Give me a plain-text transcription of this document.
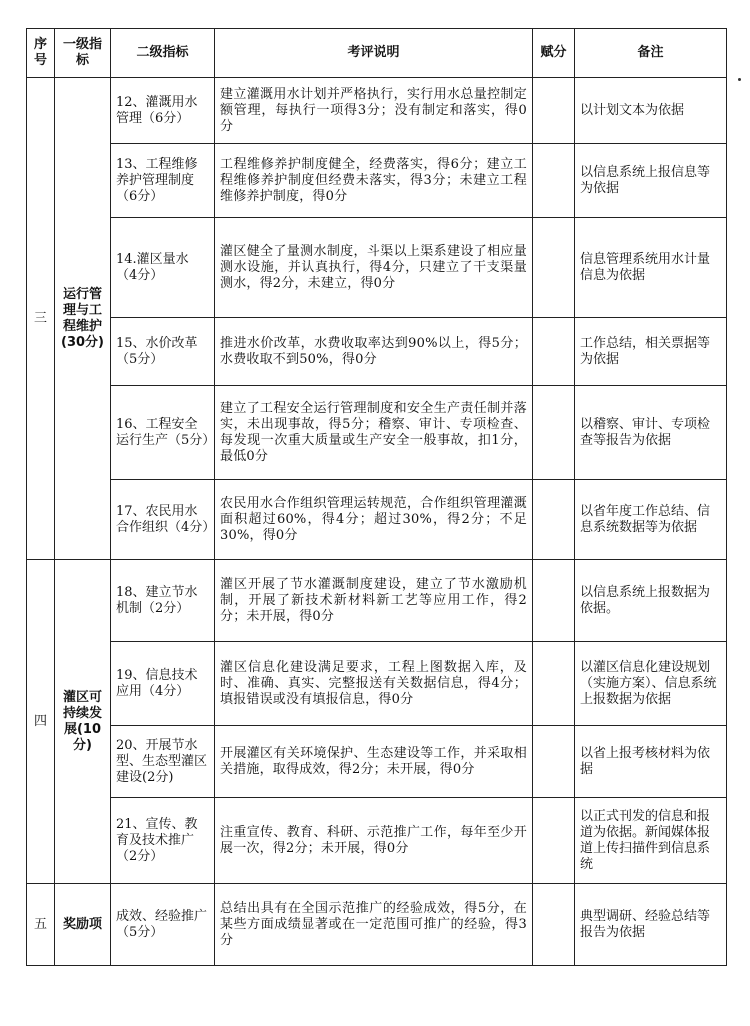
序号	一级指标	二级指标	考评说明	赋分	备注
三	运行管理与工程维护(30分)	12、灌溉用水管理（6分）	建立灌溉用水计划并严格执行，实行用水总量控制定额管理，每执行一项得3分；没有制定和落实，得0分		以计划文本为依据
		13、工程维修养护管理制度（6分）	工程维修养护制度健全，经费落实，得6分；建立工程维修养护制度但经费未落实，得3分；未建立工程维修养护制度，得0分		以信息系统上报信息等为依据
		14.灌区量水（4分）	灌区健全了量测水制度，斗渠以上渠系建设了相应量测水设施，并认真执行，得4分，只建立了干支渠量测水，得2分，未建立，得0分		信息管理系统用水计量信息为依据
		15、水价改革（5分）	推进水价改革，水费收取率达到90%以上，得5分；水费收取不到50%，得0分		工作总结，相关票据等为依据
		16、工程安全运行生产（5分）	建立了工程安全运行管理制度和安全生产责任制并落实，未出现事故，得5分；稽察、审计、专项检查、每发现一次重大质量或生产安全一般事故，扣1分，最低0分		以稽察、审计、专项检查等报告为依据
		17、农民用水合作组织（4分）	农民用水合作组织管理运转规范，合作组织管理灌溉面积超过60%，得4分；超过30%，得2分；不足30%，得0分		以省年度工作总结、信息系统数据等为依据
四	灌区可持续发展(10分)	18、建立节水机制（2分）	灌区开展了节水灌溉制度建设，建立了节水激励机制，开展了新技术新材料新工艺等应用工作，得2分；未开展，得0分		以信息系统上报数据为依据。
		19、信息技术应用（4分）	灌区信息化建设满足要求，工程上图数据入库，及时、准确、真实、完整报送有关数据信息，得4分；填报错误或没有填报信息，得0分		以灌区信息化建设规划（实施方案）、信息系统上报数据为依据
		20、开展节水型、生态型灌区建设(2分)	开展灌区有关环境保护、生态建设等工作，并采取相关措施，取得成效，得2分；未开展，得0分		以省上报考核材料为依据
		21、宣传、教育及技术推广（2分）	注重宣传、教育、科研、示范推广工作，每年至少开展一次，得2分；未开展，得0分		以正式刊发的信息和报道为依据。新闻媒体报道上传扫描件到信息系统
五	奖励项	成效、经验推广（5分）	总结出具有在全国示范推广的经验成效，得5分，在某些方面成绩显著或在一定范围可推广的经验，得3分		典型调研、经验总结等报告为依据
